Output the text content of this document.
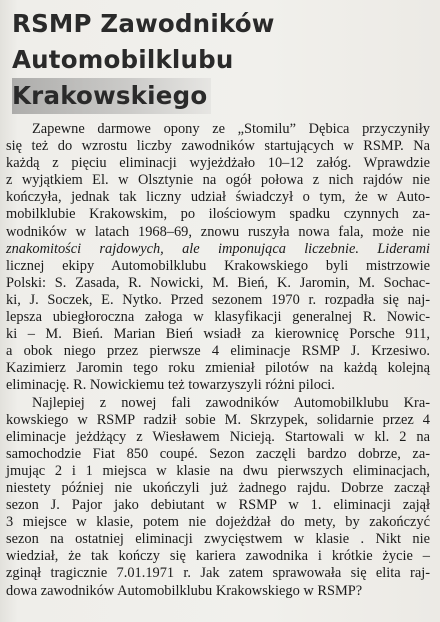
RSMP Zawodników
Automobilklubu
Krakowskiego
Zapewne darmowe opony ze „Stomilu” Dębica przyczyniły
się też do wzrostu liczby zawodników startujących w RSMP. Na
każdą z pięciu eliminacji wyjeżdżało 10–12 załóg. Wprawdzie
z wyjątkiem El. w Olsztynie na ogół połowa z nich rajdów nie
kończyła, jednak tak liczny udział świadczył o tym, że w Auto-
mobilklubie Krakowskim, po ilościowym spadku czynnych za-
wodników w latach 1968–69, znowu ruszyła nowa fala, może nie
znakomitości rajdowych, ale imponująca liczebnie. Liderami
licznej ekipy Automobilklubu Krakowskiego byli mistrzowie
Polski: S. Zasada, R. Nowicki, M. Bień, K. Jaromin, M. Sochac-
ki, J. Soczek, E. Nytko. Przed sezonem 1970 r. rozpadła się naj-
lepsza ubiegłoroczna załoga w klasyfikacji generalnej R. Nowic-
ki – M. Bień. Marian Bień wsiadł za kierownicę Porsche 911,
a obok niego przez pierwsze 4 eliminacje RSMP J. Krzesiwo.
Kazimierz Jaromin tego roku zmieniał pilotów na każdą kolejną
eliminację. R. Nowickiemu też towarzyszyli różni piloci.
Najlepiej z nowej fali zawodników Automobilklubu Kra-
kowskiego w RSMP radził sobie M. Skrzypek, solidarnie przez 4
eliminacje jeżdżący z Wiesławem Nicieją. Startowali w kl. 2 na
samochodzie Fiat 850 coupé. Sezon zaczęli bardzo dobrze, za-
jmując 2 i 1 miejsca w klasie na dwu pierwszych eliminacjach,
niestety później nie ukończyli już żadnego rajdu. Dobrze zaczął
sezon J. Pajor jako debiutant w RSMP w 1. eliminacji zajął
3 miejsce w klasie, potem nie dojeżdżał do mety, by zakończyć
sezon na ostatniej eliminacji zwycięstwem w klasie . Nikt nie
wiedział, że tak kończy się kariera zawodnika i krótkie życie –
zginął tragicznie 7.01.1971 r. Jak zatem sprawowała się elita raj-
dowa zawodników Automobilklubu Krakowskiego w RSMP?
